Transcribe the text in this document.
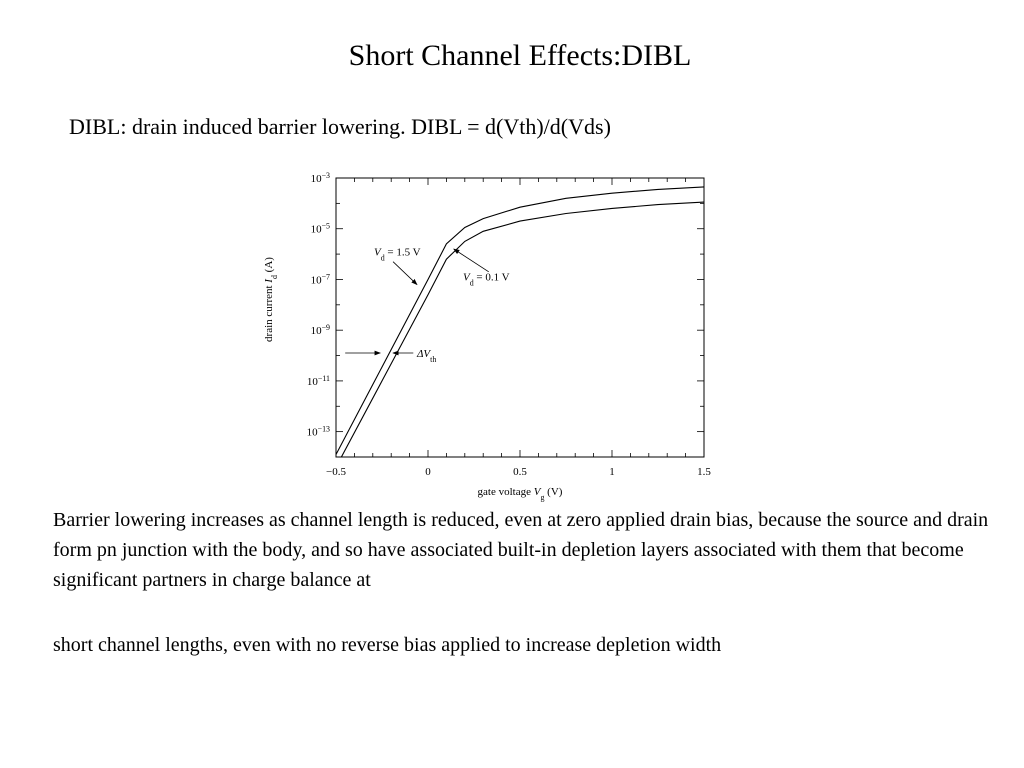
Short Channel Effects:DIBL

DIBL: drain induced barrier lowering. DIBL = d(Vth)/d(Vds)

$V_d = 1.5$ V
$V_d = 0.1$ V
$\Delta V_{th}$
−0.5	0	0.5	1	1.5
$10^{-3}$
$10^{-5}$
$10^{-7}$
$10^{-9}$
$10^{-11}$
$10^{-13}$
gate voltage $V_g$ (V)
drain current $I_d$ (A)

Barrier lowering increases as channel length is reduced, even at zero applied drain bias, because the source and drain form pn junction with the body, and so have associated built-in depletion layers associated with them that become significant partners in charge balance at

short channel lengths, even with no reverse bias applied to increase depletion width
